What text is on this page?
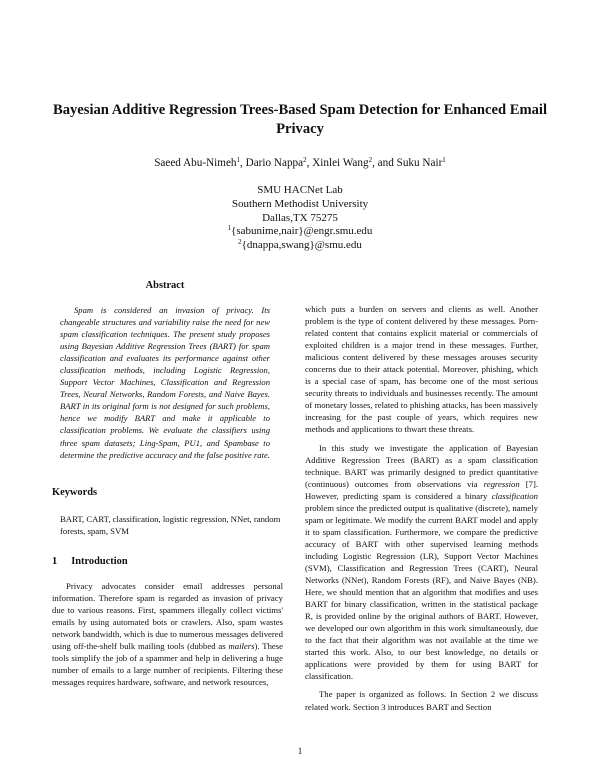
Bayesian Additive Regression Trees-Based Spam Detection for Enhanced Email Privacy
Saeed Abu-Nimeh$^1$, Dario Nappa$^2$, Xinlei Wang$^2$, and Suku Nair$^1$
SMU HACNet Lab
Southern Methodist University
Dallas,TX 75275
$^1${sabunime,nair}@engr.smu.edu
$^2${dnappa,swang}@smu.edu
Abstract

Spam is considered an invasion of privacy. Its changeable structures and variability raise the need for new spam classification techniques. The present study proposes using Bayesian Additive Regression Trees (BART) for spam classification and evaluates its performance against other classification methods, including Logistic Regression, Support Vector Machines, Classification and Regression Trees, Neural Networks, Random Forests, and Naive Bayes. BART in its original form is not designed for such problems, hence we modify BART and make it applicable to classification problems. We evaluate the classifiers using three spam datasets; Ling-Spam, PU1, and Spambase to determine the predictive accuracy and the false positive rate.

Keywords
BART, CART, classification, logistic regression, NNet, random forests, spam, SVM
1 Introduction

Privacy advocates consider email addresses personal information. Therefore spam is regarded as invasion of privacy due to various reasons. First, spammers illegally collect victims' emails by using automated bots or crawlers. Also, spam wastes network bandwidth, which is due to numerous messages delivered using off-the-shelf bulk mailing tools (dubbed as mailers). These tools simplify the job of a spammer and help in delivering a huge number of emails to a large number of recipients. Filtering these messages requires hardware, software, and network resources,

which puts a burden on servers and clients as well. Another problem is the type of content delivered by these messages. Porn-related content that contains explicit material or commercials of exploited children is a major trend in these messages. Further, malicious content delivered by these messages arouses security concerns due to their attack potential. Moreover, phishing, which is a special case of spam, has become one of the most serious security threats to individuals and businesses recently. The amount of monetary losses, related to phishing attacks, has been massively increasing for the past couple of years, which requires new methods and applications to thwart these threats.

In this study we investigate the application of Bayesian Additive Regression Trees (BART) as a spam classification technique. BART was primarily designed to predict quantitative (continuous) outcomes from observations via regression [7]. However, predicting spam is considered a binary classification problem since the predicted output is qualitative (discrete), namely spam or legitimate. We modify the current BART model and apply it to spam classification. Furthermore, we compare the predictive accuracy of BART with other supervised learning methods including Logistic Regression (LR), Support Vector Machines (SVM), Classification and Regression Trees (CART), Neural Networks (NNet), Random Forests (RF), and Naive Bayes (NB). Here, we should mention that an algorithm that modifies and uses BART for binary classification, written in the statistical package R, is provided online by the original authors of BART. However, we developed our own algorithm in this work simultaneously, due to the fact that their algorithm was not available at the time we started this work. Also, to our best knowledge, no details or applications were provided by them for using BART for classification.

The paper is organized as follows. In Section 2 we discuss related work. Section 3 introduces BART and Section

1
